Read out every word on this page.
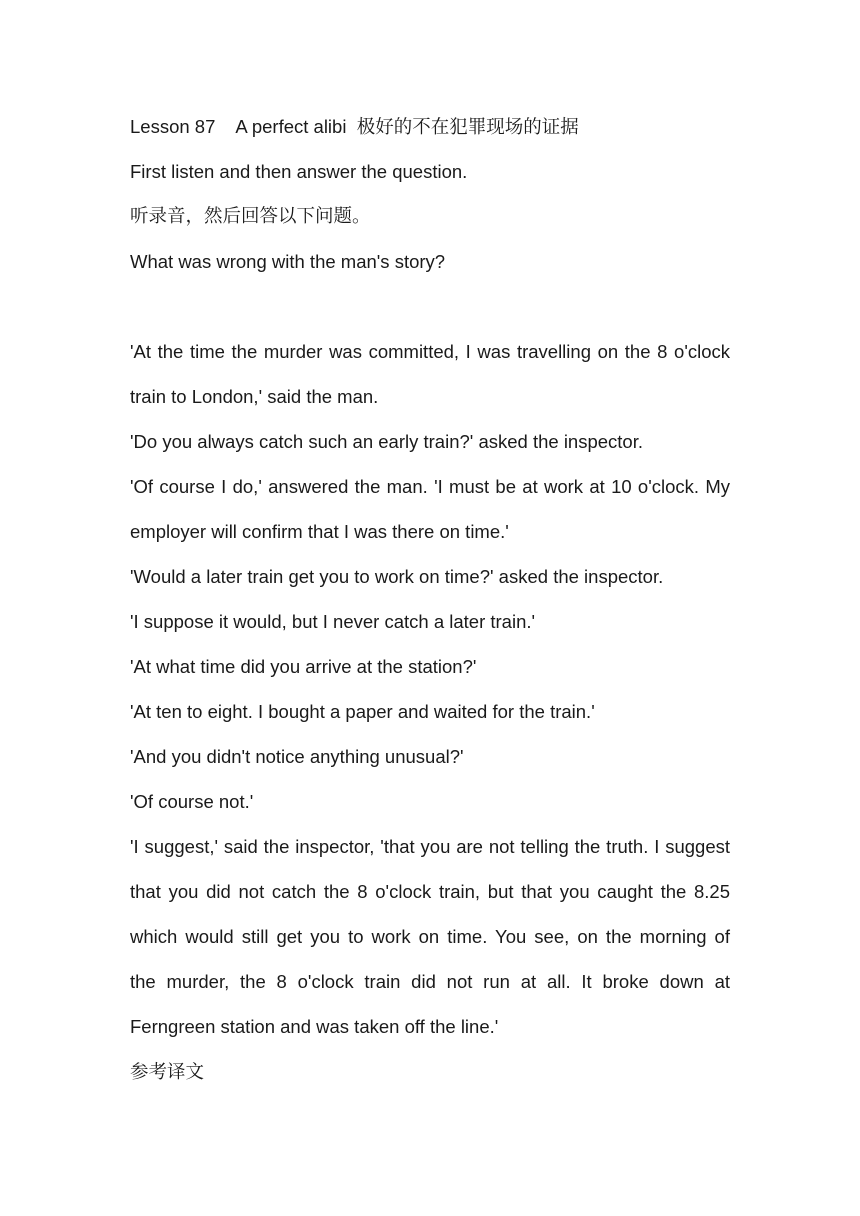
Lesson 87 A perfect alibi 极好的不在犯罪现场的证据
First listen and then answer the question.
听录音，然后回答以下问题。
What was wrong with the man's story?
'At the time the murder was committed, I was travelling on the 8 o'clock
train to London,' said the man.
'Do you always catch such an early train?' asked the inspector.
'Of course I do,' answered the man. 'I must be at work at 10 o'clock. My
employer will confirm that I was there on time.'
'Would a later train get you to work on time?' asked the inspector.
'I suppose it would, but I never catch a later train.'
'At what time did you arrive at the station?'
'At ten to eight. I bought a paper and waited for the train.'
'And you didn't notice anything unusual?'
'Of course not.'
'I suggest,' said the inspector, 'that you are not telling the truth. I suggest
that you did not catch the 8 o'clock train, but that you caught the 8.25
which would still get you to work on time. You see, on the morning of
the murder, the 8 o'clock train did not run at all. It broke down at
Ferngreen station and was taken off the line.'
参考译文
